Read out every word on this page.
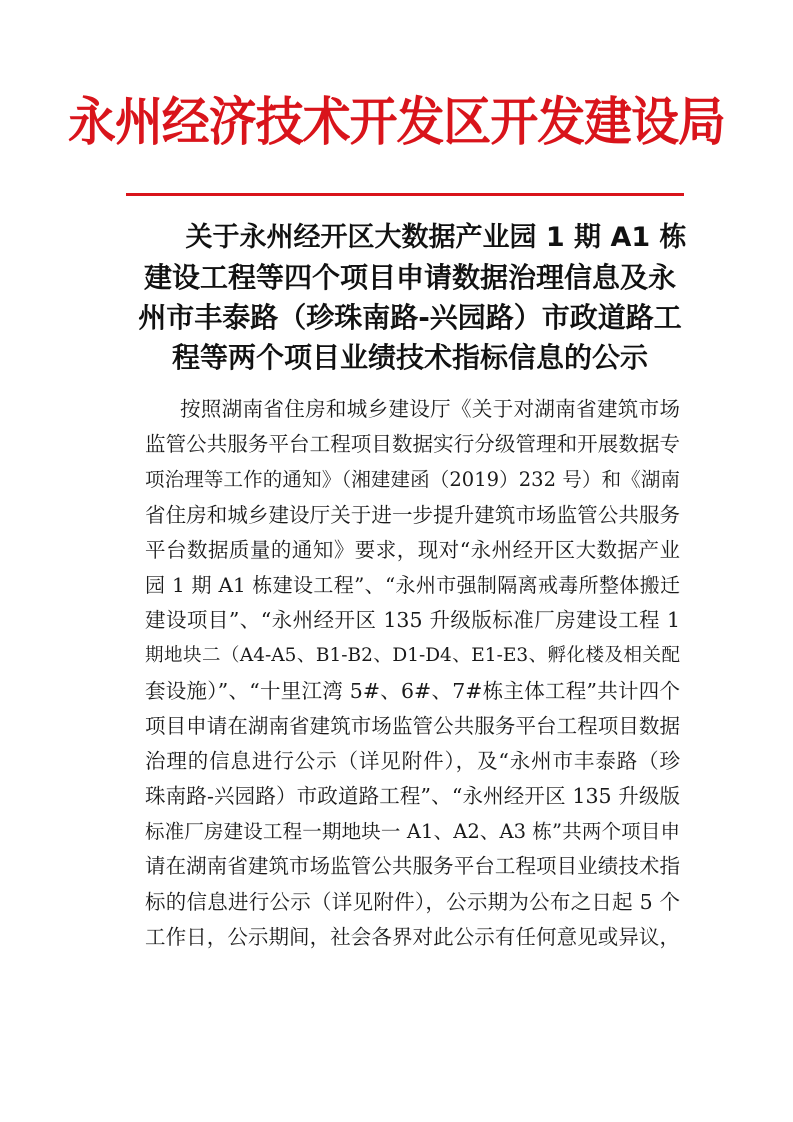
永州经济技术开发区开发建设局
关于永州经开区大数据产业园 1 期 A1 栋
建设工程等四个项目申请数据治理信息及永
州市丰泰路（珍珠南路-兴园路）市政道路工
程等两个项目业绩技术指标信息的公示
按照湖南省住房和城乡建设厅《关于对湖南省建筑市场
监管公共服务平台工程项目数据实行分级管理和开展数据专
项治理等工作的通知》（湘建建函（2019）232 号）和《湖南
省住房和城乡建设厅关于进一步提升建筑市场监管公共服务
平台数据质量的通知》要求，现对“永州经开区大数据产业
园 1 期 A1 栋建设工程”、“永州市强制隔离戒毒所整体搬迁
建设项目”、“永州经开区 135 升级版标准厂房建设工程 1
期地块二（A4-A5、B1-B2、D1-D4、E1-E3、孵化楼及相关配
套设施）”、“十里江湾 5#、6#、7#栋主体工程”共计四个
项目申请在湖南省建筑市场监管公共服务平台工程项目数据
治理的信息进行公示（详见附件），及“永州市丰泰路（珍
珠南路-兴园路）市政道路工程”、“永州经开区 135 升级版
标准厂房建设工程一期地块一 A1、A2、A3 栋”共两个项目申
请在湖南省建筑市场监管公共服务平台工程项目业绩技术指
标的信息进行公示（详见附件），公示期为公布之日起 5 个
工作日，公示期间，社会各界对此公示有任何意见或异议，
